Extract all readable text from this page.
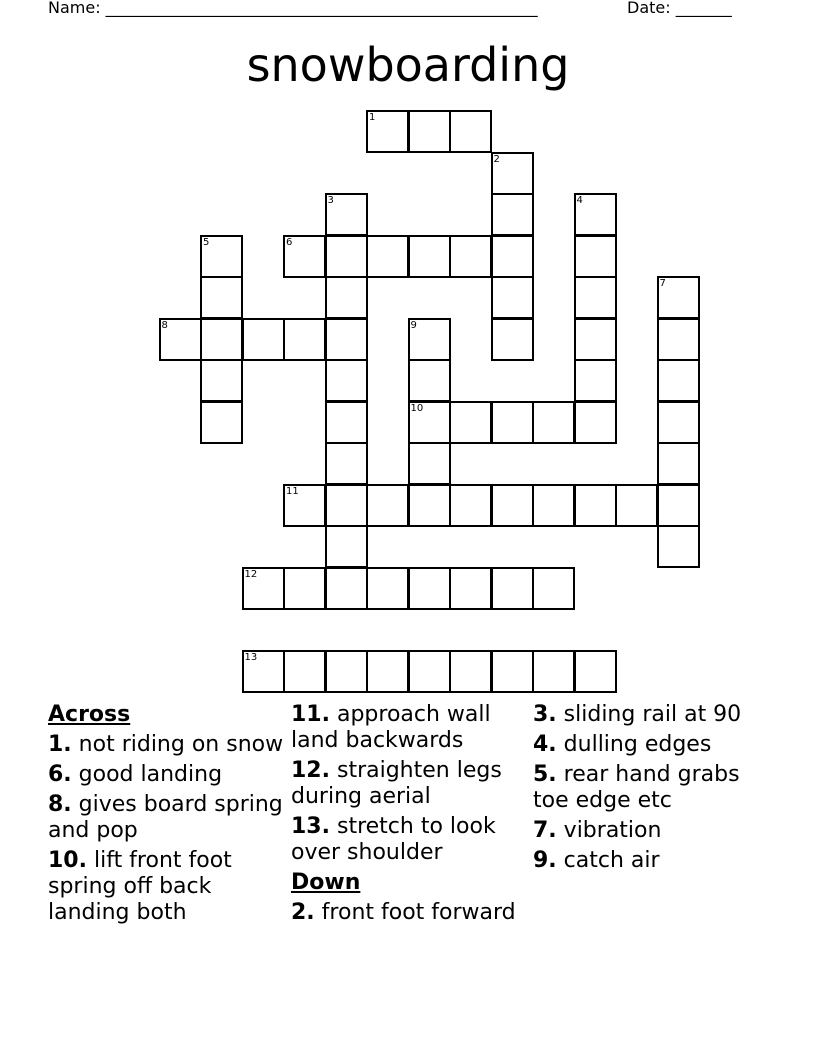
Name: ______________________________________________________	Date: _______
snowboarding
1
2
3	4
5	6
7
8	9
10
11
12
13
Across
1. not riding on snow
6. good landing
8. gives board spring and pop
10. lift front foot spring off back landing both
11. approach wall land backwards
12. straighten legs during aerial
13. stretch to look over shoulder
Down
2. front foot forward
3. sliding rail at 90
4. dulling edges
5. rear hand grabs toe edge etc
7. vibration
9. catch air
